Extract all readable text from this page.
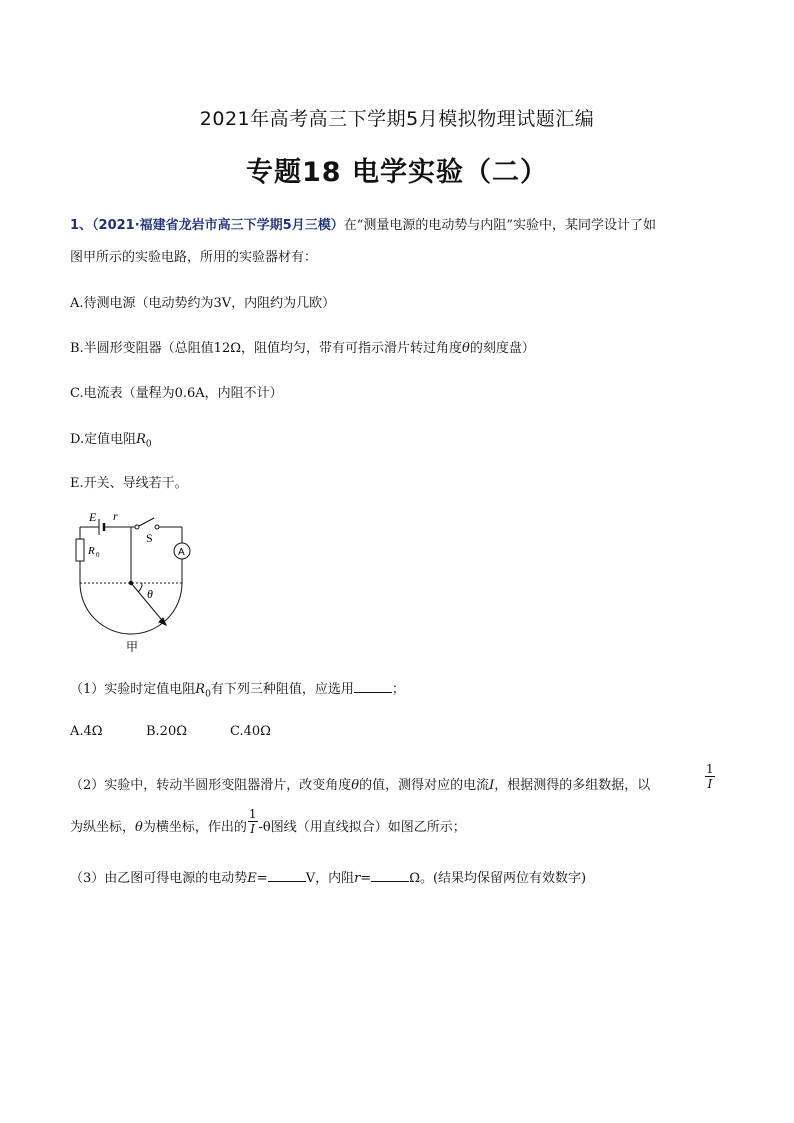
2021年高考高三下学期5月模拟物理试题汇编
专题18 电学实验（二）
1、（2021·福建省龙岩市高三下学期5月三模）在“测量电源的电动势与内阻”实验中，某同学设计了如
图甲所示的实验电路，所用的实验器材有：
A.待测电源（电动势约为3V，内阻约为几欧）
B.半圆形变阻器（总阻值12Ω，阻值均匀，带有可指示滑片转过角度θ的刻度盘）
C.电流表（量程为0.6A，内阻不计）
D.定值电阻$R_0$
E.开关、导线若干。
E r
S
A
R 0
θ
甲
（1）实验时定值电阻$R_0$有下列三种阻值，应选用	；
A.4Ω	B.20Ω	C.40Ω
（2）实验中，转动半圆形变阻器滑片，改变角度θ的值，测得对应的电流I，根据测得的多组数据，以	$\frac{1}{I}$
为纵坐标，θ为横坐标，作出的 $\frac{1}{I} -\theta$图线（用直线拟合）如图乙所示；
（3）由乙图可得电源的电动势E=	V，内阻r=	Ω。(结果均保留两位有效数字)
